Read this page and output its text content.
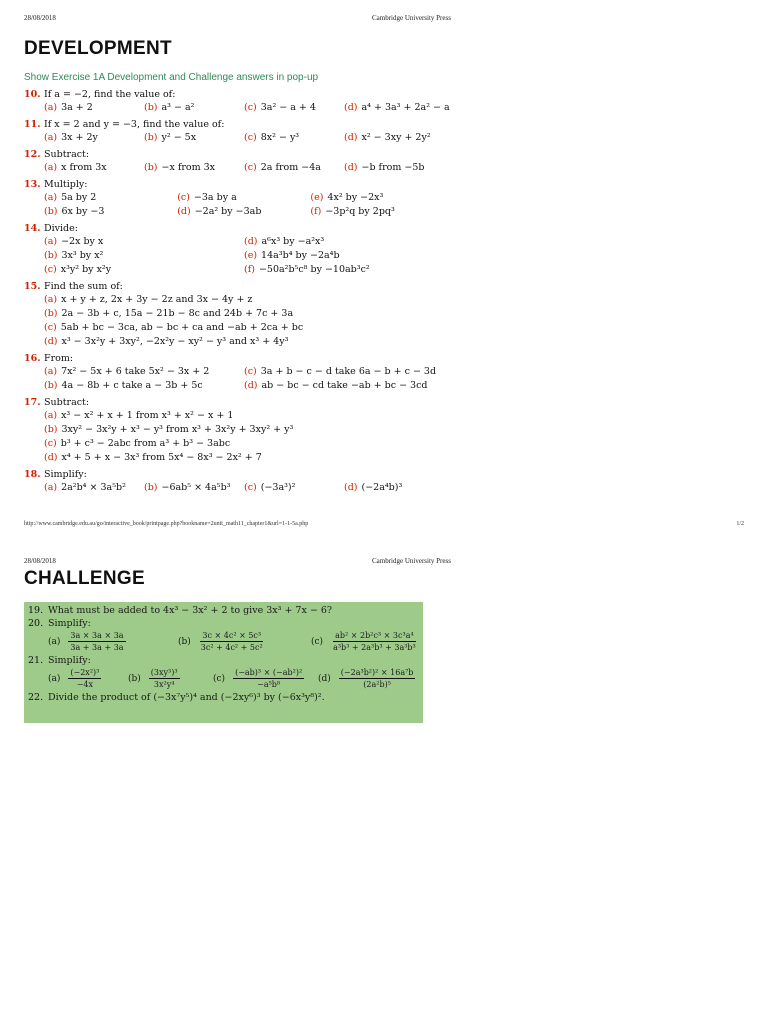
28/08/2018	Cambridge University Press
DEVELOPMENT
Show Exercise 1A Development and Challenge answers in pop-up
10. If a = −2, find the value of:
(a) 3a + 2	(b) a³ − a²	(c) 3a² − a + 4	(d) a⁴ + 3a³ + 2a² − a
11. If x = 2 and y = −3, find the value of:
(a) 3x + 2y	(b) y² − 5x	(c) 8x² − y³	(d) x² − 3xy + 2y²
12. Subtract:
(a) x from 3x	(b) −x from 3x	(c) 2a from −4a (d) −b from −5b
13. Multiply:
(a) 5a by 2	(c) −3a by a	(e) 4x² by −2x³
(b) 6x by −3	(d) −2a² by −3ab	(f) −3p²q by 2pq³
14. Divide:
(a) −2x by x	(d) a⁶x³ by −a²x³
(b) 3x³ by x²	(e) 14a³b⁴ by −2a⁴b
(c) x³y² by x²y	(f) −50a²b⁵c⁸ by −10ab³c²
15. Find the sum of:
(a) x + y + z, 2x + 3y − 2z and 3x − 4y + z
(b) 2a − 3b + c, 15a − 21b − 8c and 24b + 7c + 3a
(c) 5ab + bc − 3ca, ab − bc + ca and −ab + 2ca + bc
(d) x³ − 3x²y + 3xy², −2x²y − xy² − y³ and x³ + 4y³
16. From:
(a) 7x² − 5x + 6 take 5x² − 3x + 2	(c) 3a + b − c − d take 6a − b + c − 3d
(b) 4a − 8b + c take a − 3b + 5c	(d) ab − bc − cd take −ab + bc − 3cd
17. Subtract:
(a) x³ − x² + x + 1 from x³ + x² − x + 1
(b) 3xy² − 3x²y + x³ − y³ from x³ + 3x²y + 3xy² + y³
(c) b³ + c³ − 2abc from a³ + b³ − 3abc
(d) x⁴ + 5 + x − 3x³ from 5x⁴ − 8x³ − 2x² + 7
18. Simplify:
(a) 2a²b⁴ × 3a⁵b² (b) −6ab⁵ × 4a⁵b³ (c) (−3a³)²	(d) (−2a⁴b)³
http://www.cambridge.edu.au/go/interactive_book/printpage.php?bookname=2unit_math11_chapter1&url=1-1-5a.php	1/2
28/08/2018	Cambridge University Press
CHALLENGE
19. What must be added to 4x³ − 3x² + 2 to give 3x³ + 7x − 6?
20. Simplify:
$(a) \frac{3a \times 3a \times 3a}{3a + 3a + 3a}$	$(b) \frac{\text{3c × 4c² × 5c³}}{\text{3c² + 4c² + 5c²}}$	$(c) \frac{\text{ab² × 2b²c³ × 3c³a⁴}}{\text{a³b³ + 2a³b³ + 3a³b³}}$
21. Simplify:
$(a) \frac{\text{(−2x²)³}}{-4x}$	$(b) \frac{\text{(3xy³)³}}{\text{3x²y⁴}}$	$(c) \frac{\text{(−ab)³ × (−ab²)²}}{\text{−a⁵b⁸}} (d) \frac{\text{(−2a³b²)² × 16a⁷b}}{\text{(2a²b)⁵}}$
22. Divide the product of (−3x⁷y⁵)⁴ and (−2xy⁶)³ by (−6x³y⁸)².
